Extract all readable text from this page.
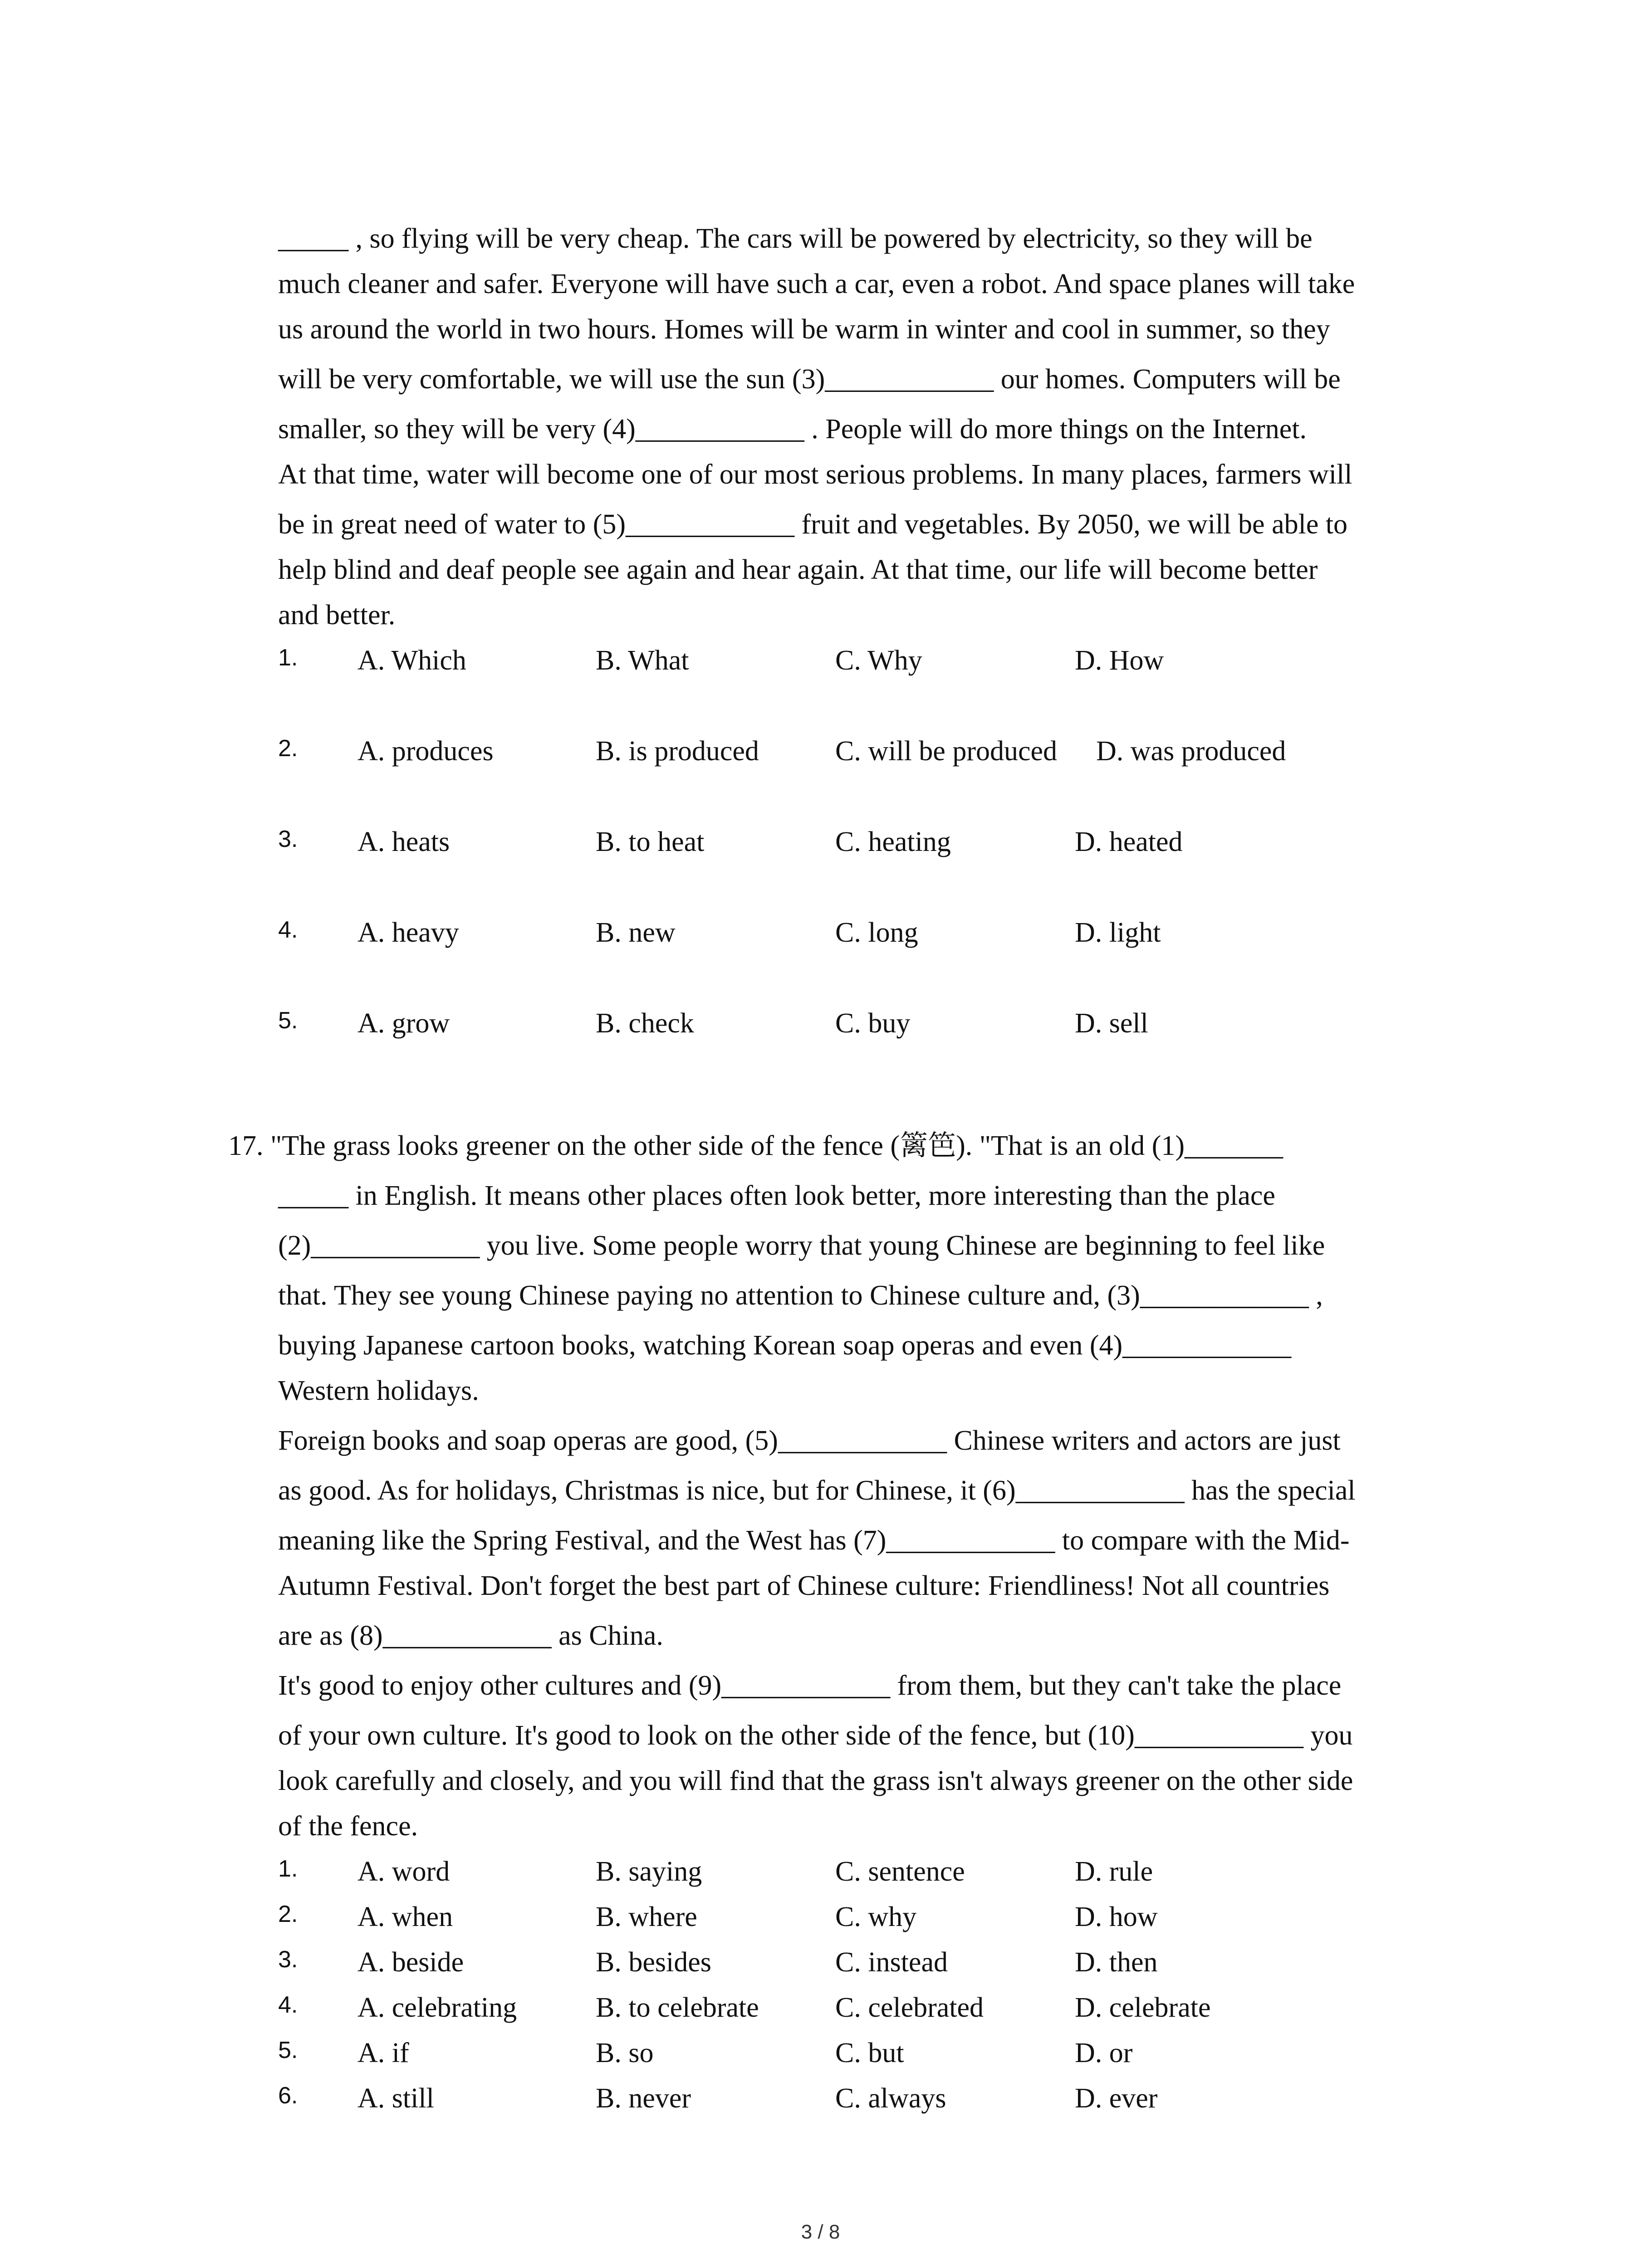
_____ , so flying will be very cheap. The cars will be powered by electricity, so they will be
much cleaner and safer. Everyone will have such a car, even a robot. And space planes will take
us around the world in two hours. Homes will be warm in winter and cool in summer, so they
will be very comfortable, we will use the sun (3)____________ our homes. Computers will be
smaller, so they will be very (4)____________ . People will do more things on the Internet.
At that time, water will become one of our most serious problems. In many places, farmers will
be in great need of water to (5)____________ fruit and vegetables. By 2050, we will be able to
help blind and deaf people see again and hear again. At that time, our life will become better
and better.
1. A. Which	B. What	C. Why	D. How
2. A. produces	B. is produced	C. will be produced D. was produced
3. A. heats	B. to heat	C. heating	D. heated
4. A. heavy	B. new	C. long	D. light
5. A. grow	B. check	C. buy	D. sell
17. "The grass looks greener on the other side of the fence (篱笆). "That is an old (1)_______
_____ in English. It means other places often look better, more interesting than the place
(2)____________ you live. Some people worry that young Chinese are beginning to feel like
that. They see young Chinese paying no attention to Chinese culture and, (3)____________ ,
buying Japanese cartoon books, watching Korean soap operas and even (4)____________
Western holidays.
Foreign books and soap operas are good, (5)____________ Chinese writers and actors are just
as good. As for holidays, Christmas is nice, but for Chinese, it (6)____________ has the special
meaning like the Spring Festival, and the West has (7)____________ to compare with the Mid-
Autumn Festival. Don't forget the best part of Chinese culture: Friendliness! Not all countries
are as (8)____________ as China.
It's good to enjoy other cultures and (9)____________ from them, but they can't take the place
of your own culture. It's good to look on the other side of the fence, but (10)____________ you
look carefully and closely, and you will find that the grass isn't always greener on the other side
of the fence.
1. A. word	B. saying	C. sentence	D. rule
2. A. when	B. where	C. why	D. how
3. A. beside	B. besides	C. instead	D. then
4. A. celebrating	B. to celebrate	C. celebrated	D. celebrate
5. A. if	B. so	C. but	D. or
6. A. still	B. never	C. always	D. ever
3 / 8
